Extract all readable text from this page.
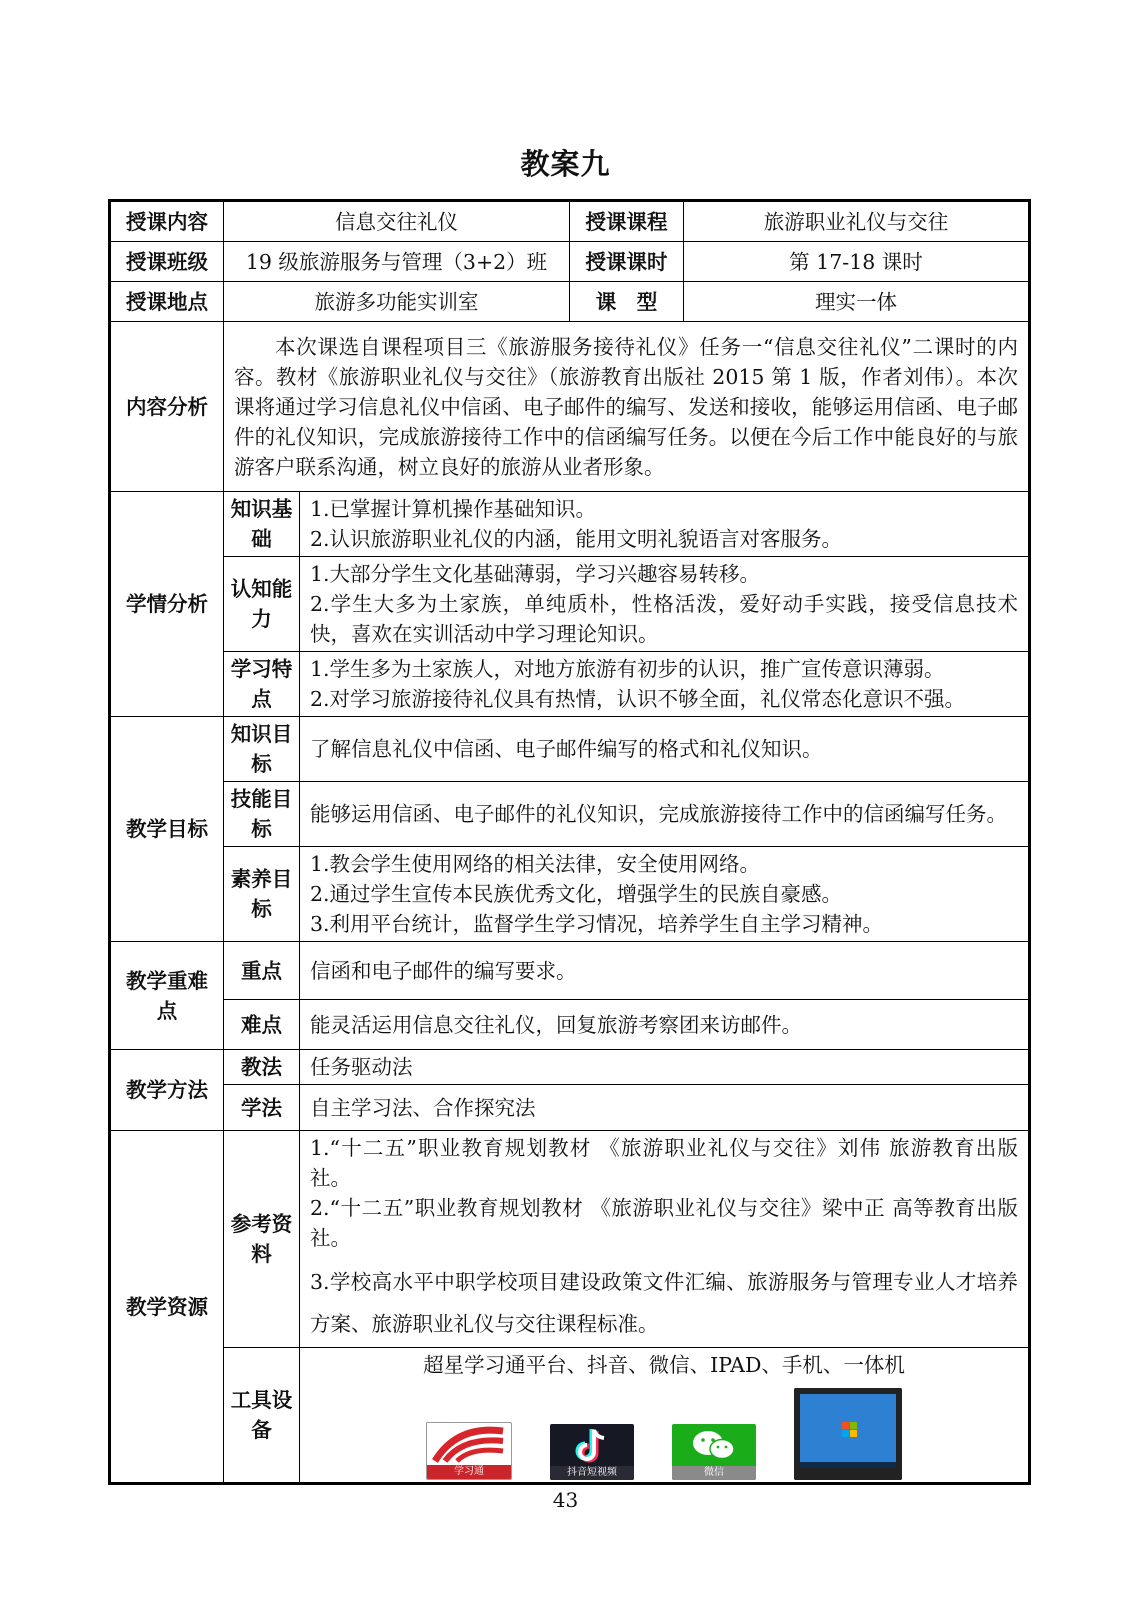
教案九
授课内容	信息交往礼仪		授课课程	旅游职业礼仪与交往
授课班级	19 级旅游服务与管理（3+2）班		授课课时	第 17-18 课时
授课地点	旅游多功能实训室		课　型	理实一体
内容分析	本次课选自课程项目三《旅游服务接待礼仪》任务一“信息交往礼仪”二课时的内容。教材《旅游职业礼仪与交往》（旅游教育出版社 2015 第 1 版，作者刘伟）。本次课将通过学习信息礼仪中信函、电子邮件的编写、发送和接收，能够运用信函、电子邮件的礼仪知识，完成旅游接待工作中的信函编写任务。以便在今后工作中能良好的与旅游客户联系沟通，树立良好的旅游从业者形象。			
学情分析	知识基础	1.已掌握计算机操作基础知识。
2.认识旅游职业礼仪的内涵，能用文明礼貌语言对客服务。		

	认知能力	1.大部分学生文化基础薄弱，学习兴趣容易转移。
2.学生大多为土家族，单纯质朴，性格活泼，爱好动手实践，接受信息技术快，喜欢在实训活动中学习理论知识。		

	学习特点	1.学生多为土家族人，对地方旅游有初步的认识，推广宣传意识薄弱。
2.对学习旅游接待礼仪具有热情，认识不够全面，礼仪常态化意识不强。		

教学目标	知识目标	了解信息礼仪中信函、电子邮件编写的格式和礼仪知识。		
	技能目标	能够运用信函、电子邮件的礼仪知识，完成旅游接待工作中的信函编写任务。		
	素养目标	1.教会学生使用网络的相关法律，安全使用网络。
2.通过学生宣传本民族优秀文化，增强学生的民族自豪感。
3.利用平台统计，监督学生学习情况，培养学生自主学习精神。		

教学重难点	重点	信函和电子邮件的编写要求。		
	难点	能灵活运用信息交往礼仪，回复旅游考察团来访邮件。		
教学方法	教法	任务驱动法		
	学法	自主学习法、合作探究法		
教学资源	参考资料	1.“十二五”职业教育规划教材 《旅游职业礼仪与交往》刘伟 旅游教育出版社。
2.“十二五”职业教育规划教材 《旅游职业礼仪与交往》梁中正 高等教育出版社。
3.学校高水平中职学校项目建设政策文件汇编、旅游服务与管理专业人才培养方案、旅游职业礼仪与交往课程标准。		

	工具设备	超星学习通平台、抖音、微信、IPAD、手机、一体机
学习通 抖音短视频 微信		
43
